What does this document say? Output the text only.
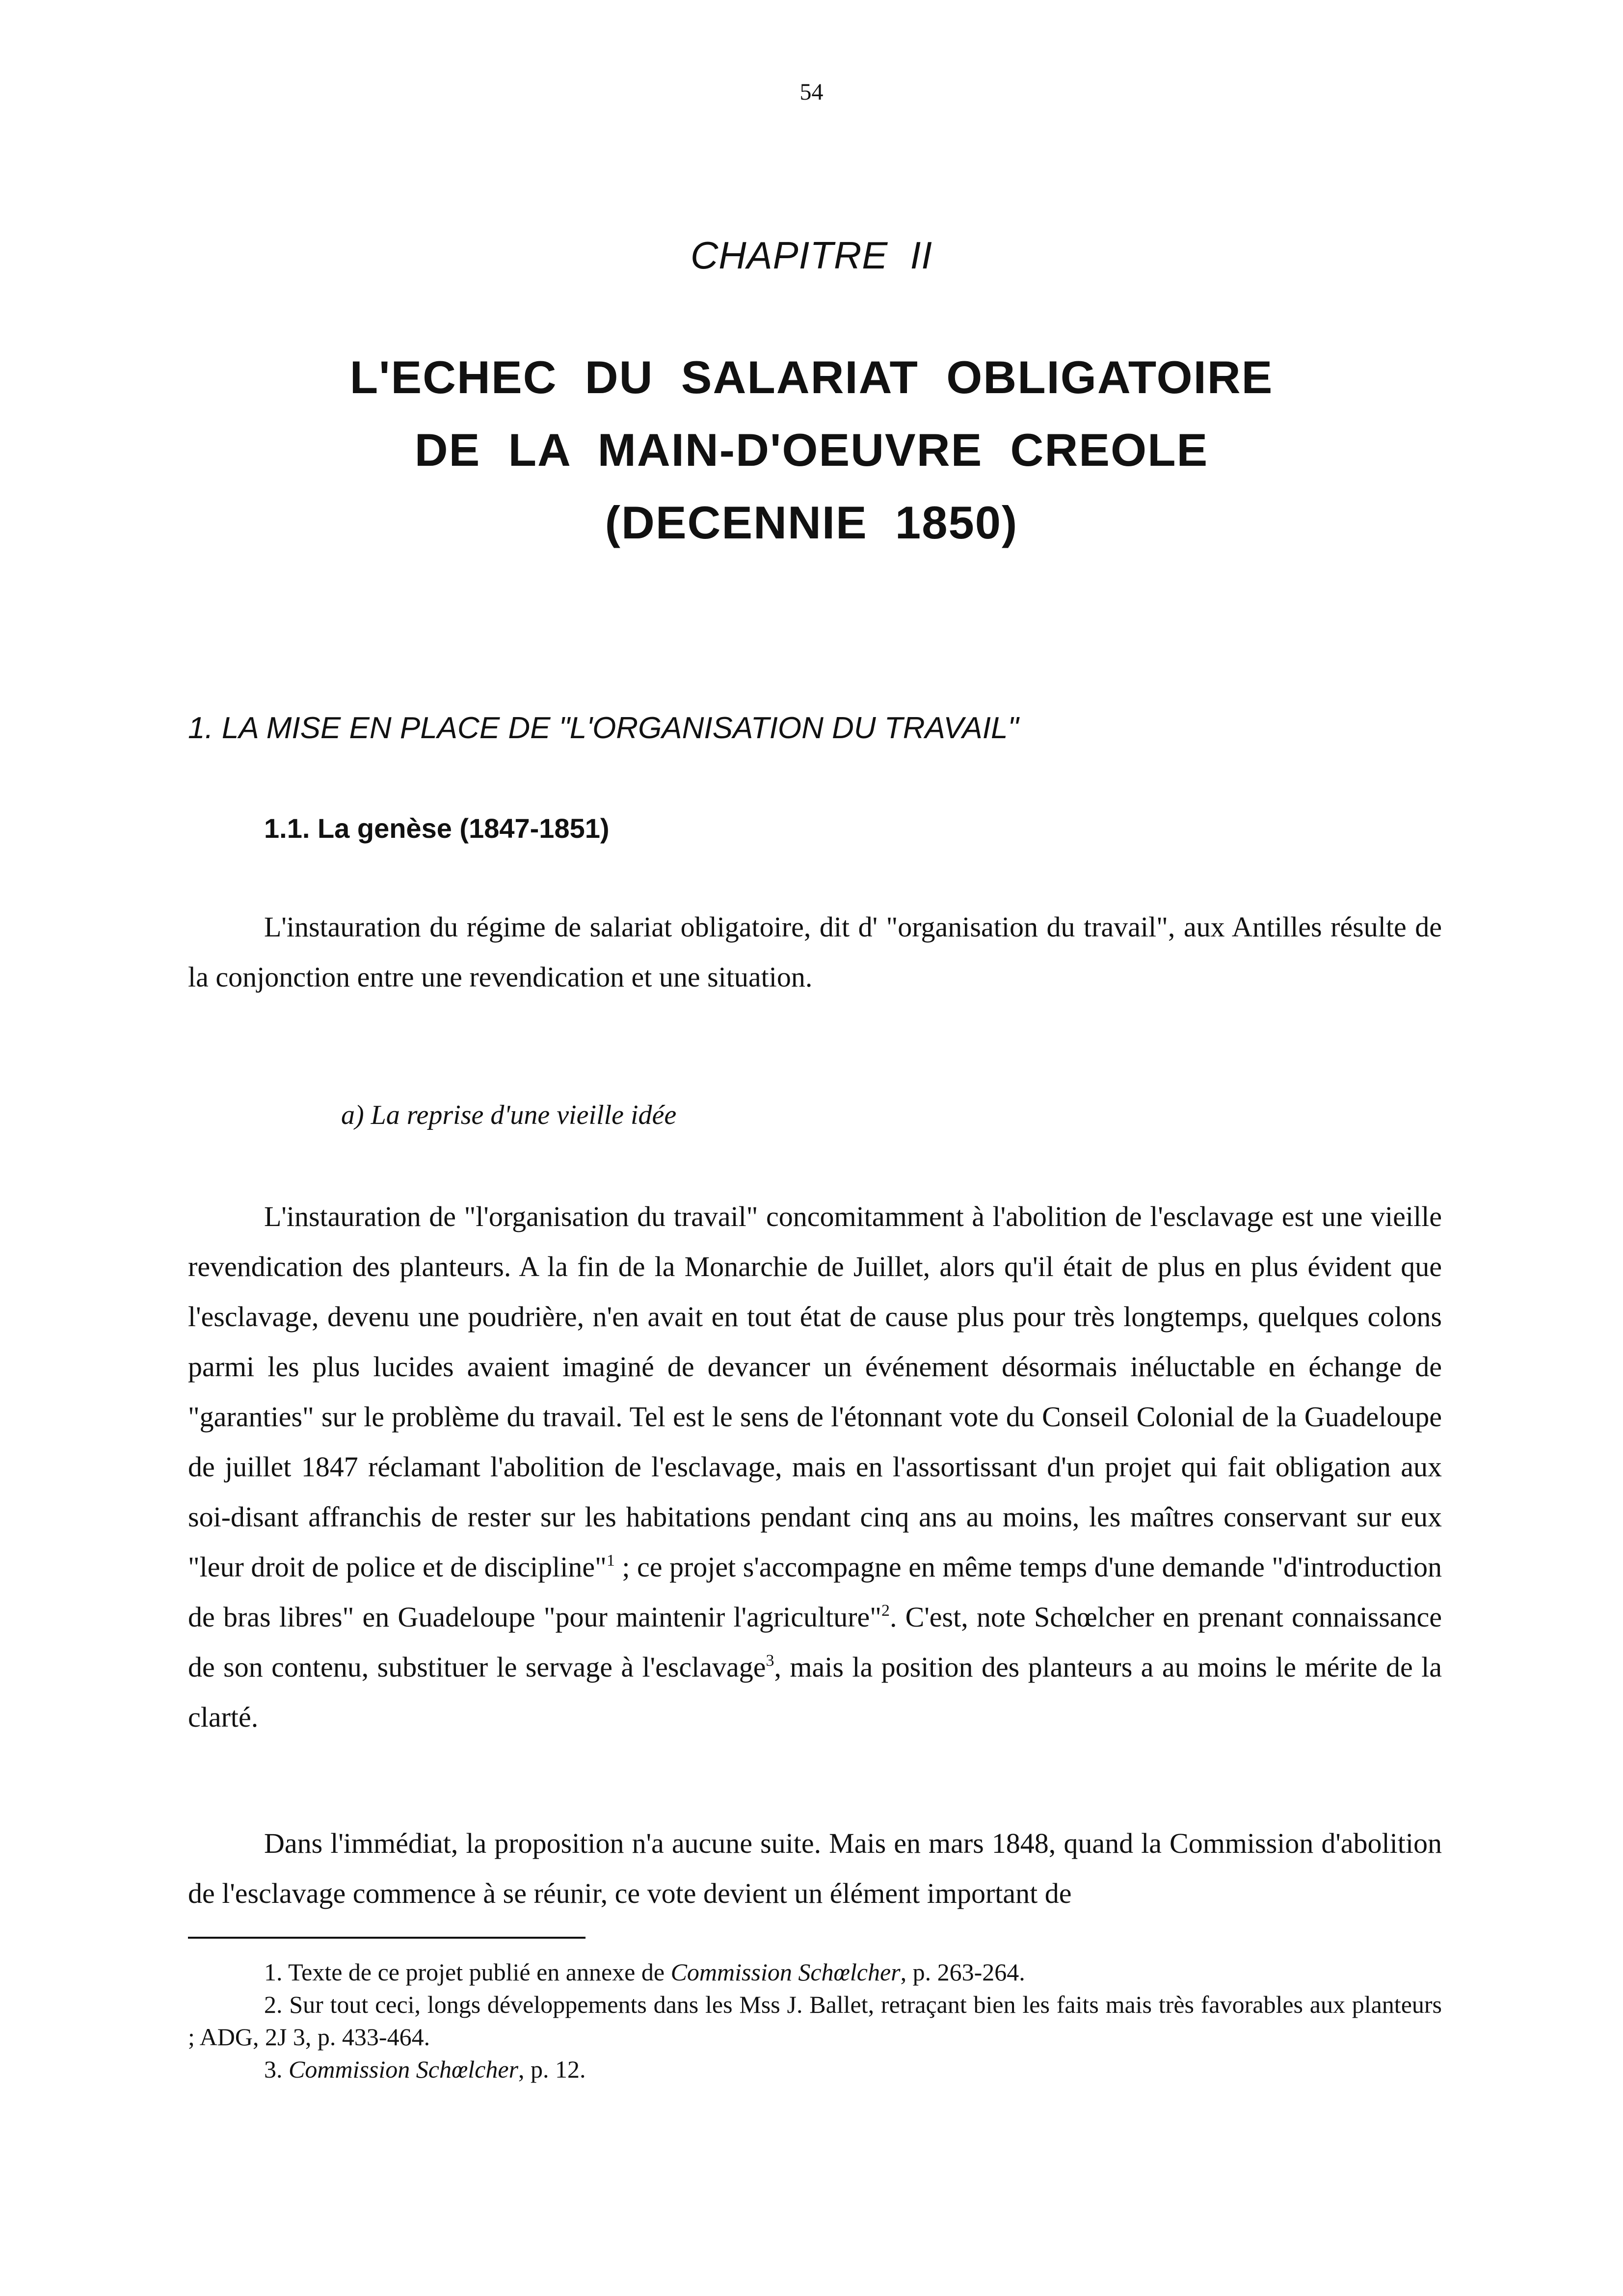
54
CHAPITRE  II
L'ECHEC  DU  SALARIAT  OBLIGATOIRE
DE  LA  MAIN-D'OEUVRE  CREOLE
(DECENNIE  1850)
1. LA MISE EN PLACE DE "L'ORGANISATION DU TRAVAIL"
1.1. La genèse (1847-1851)

L'instauration du régime de salariat obligatoire, dit d' "organisation du travail", aux Antilles résulte de la conjonction entre une revendication et une situation.

a) La reprise d'une vieille idée

L'instauration de "l'organisation du travail" concomitamment à l'abolition de l'esclavage est une vieille revendication des planteurs. A la fin de la Monarchie de Juillet, alors qu'il était de plus en plus évident que l'esclavage, devenu une poudrière, n'en avait en tout état de cause plus pour très longtemps, quelques colons parmi les plus lucides avaient imaginé de devancer un événement désormais inéluctable en échange de "garanties" sur le problème du travail. Tel est le sens de l'étonnant vote du Conseil Colonial de la Guadeloupe de juillet 1847 réclamant l'abolition de l'esclavage, mais en l'assortissant d'un projet qui fait obligation aux soi-disant affranchis de rester sur les habitations pendant cinq ans au moins, les maîtres conservant sur eux "leur droit de police et de discipline"$^1$ ; ce projet s'accompagne en même temps d'une demande "d'introduction de bras libres" en Guadeloupe "pour maintenir l'agriculture"$^2$. C'est, note Schœlcher en prenant connaissance de son contenu, substituer le servage à l'esclavage$^3$, mais la position des planteurs a au moins le mérite de la clarté.

Dans l'immédiat, la proposition n'a aucune suite. Mais en mars 1848, quand la Commission d'abolition de l'esclavage commence à se réunir, ce vote devient un élément important de

1. Texte de ce projet publié en annexe de Commission Schœlcher, p. 263-264.

2. Sur tout ceci, longs développements dans les Mss J. Ballet, retraçant bien les faits mais très favorables aux planteurs ; ADG, 2J 3, p. 433-464.

3. Commission Schœlcher, p. 12.
